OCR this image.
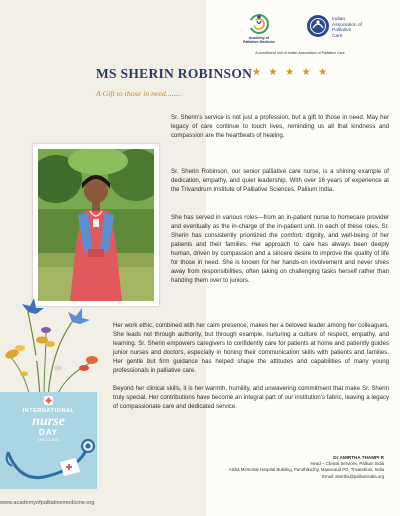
Academy of
Palliative Medicine
Indian
Association of
Palliative
Care
A constituent unit of Indian Association of Palliative Care
MS SHERIN ROBINSON ★ ★ ★ ★ ★
A Gift to those in need........

Sr. Sherin's service is not just a profession, but a gift to those in need. May her legacy of care continue to touch lives, reminding us all that kindness and compassion are the heartbeats of healing.

Sr. Sherin Robinson, our senior palliative care nurse, is a shining example of dedication, empathy, and quiet leadership. With over 16 years of experience at the Trivandrum Institute of Palliative Sciences, Pallium India.

She has served in various roles—from an in-patient nurse to homecare provider and eventually as the in-charge of the in-patient unit. In each of these roles, Sr. Sherin has consistently prioritized the comfort, dignity, and well-being of her patients and their families. Her approach to care has always been deeply human, driven by compassion and a sincere desire to improve the quality of life for those in need. She is known for her hands-on involvement and never shies away from responsibilities, often taking on challenging tasks herself rather than handing them over to juniors.

Her work ethic, combined with her calm presence, makes her a beloved leader among her colleagues. She leads not through authority, but through example, nurturing a culture of respect, empathy, and learning. Sr. Sherin empowers caregivers to confidently care for patients at home and patiently guides junior nurses and doctors, especially in honing their communication skills with patients and families. Her gentle but firm guidance has helped shape the attitudes and capabilities of many young professionals in palliative care.

Beyond her clinical skills, it is her warmth, humility, and unwavering commitment that make Sr. Sherin truly special. Her contributions have become an integral part of our institution's fabric, leaving a legacy of compassionate care and dedicated service.

INTERNATIONAL
nurse
DAY
MAY 12 2025
Dr AMIRTHA THAMPI R
Head – Clinical Services, Pallium India
Aisha Memorial Hospital Building, Paruthikuzhy, Manacaud PO, Trivandrum, India
Email: amirtha@palliumindia.org
www.academyofpalliativemedicine.org
